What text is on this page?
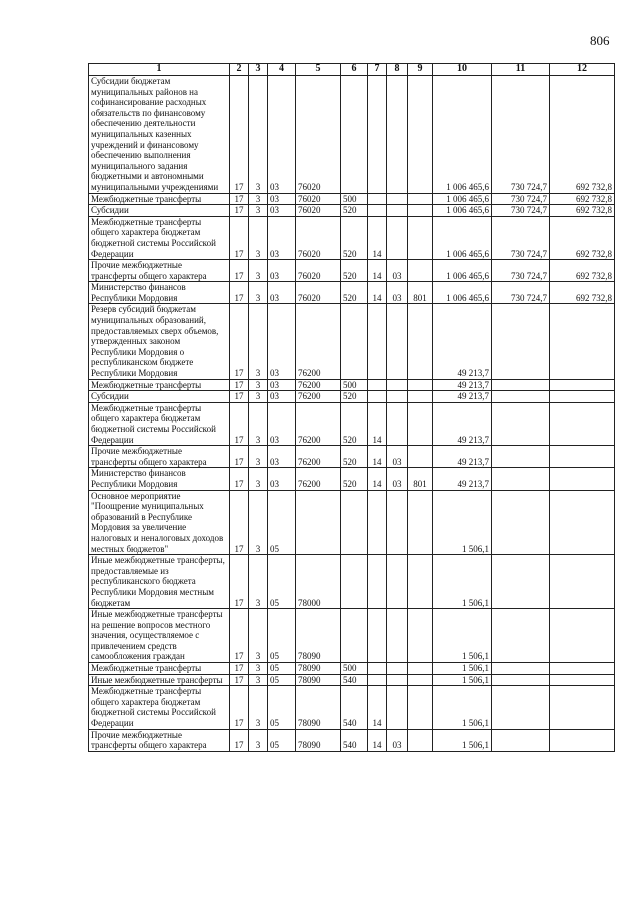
806
1	2	3	4	5	6	7	8	9	10	11	12
Субсидии бюджетам муниципальных районов на софинансирование расходных обязательств по финансовому обеспечению деятельности муниципальных казенных учреждений и финансовому обеспечению выполнения муниципального задания бюджетными и автономными муниципальными учреждениями	17	3	03	76020					1 006 465,6	730 724,7	692 732,8
Межбюджетные трансферты	17	3	03	76020	500				1 006 465,6	730 724,7	692 732,8
Субсидии	17	3	03	76020	520				1 006 465,6	730 724,7	692 732,8
Межбюджетные трансферты общего характера бюджетам бюджетной системы Российской Федерации	17	3	03	76020	520	14			1 006 465,6	730 724,7	692 732,8
Прочие межбюджетные трансферты общего характера	17	3	03	76020	520	14	03		1 006 465,6	730 724,7	692 732,8
Министерство финансов Республики Мордовия	17	3	03	76020	520	14	03	801	1 006 465,6	730 724,7	692 732,8
Резерв субсидий бюджетам муниципальных образований, предоставляемых сверх объемов, утвержденных законом Республики Мордовия о республиканском бюджете Республики Мордовия	17	3	03	76200					49 213,7		
Межбюджетные трансферты	17	3	03	76200	500				49 213,7		
Субсидии	17	3	03	76200	520				49 213,7		
Межбюджетные трансферты общего характера бюджетам бюджетной системы Российской Федерации	17	3	03	76200	520	14			49 213,7		
Прочие межбюджетные трансферты общего характера	17	3	03	76200	520	14	03		49 213,7		
Министерство финансов Республики Мордовия	17	3	03	76200	520	14	03	801	49 213,7		
Основное мероприятие "Поощрение муниципальных образований в Республике Мордовия за увеличение налоговых и неналоговых доходов местных бюджетов"	17	3	05						1 506,1		
Иные межбюджетные трансферты, предоставляемые из республиканского бюджета Республики Мордовия местным бюджетам	17	3	05	78000					1 506,1		
Иные межбюджетные трансферты на решение вопросов местного значения, осуществляемое с привлечением средств самообложения граждан	17	3	05	78090					1 506,1		
Межбюджетные трансферты	17	3	05	78090	500				1 506,1		
Иные межбюджетные трансферты	17	3	05	78090	540				1 506,1		
Межбюджетные трансферты общего характера бюджетам бюджетной системы Российской Федерации	17	3	05	78090	540	14			1 506,1		
Прочие межбюджетные трансферты общего характера	17	3	05	78090	540	14	03		1 506,1		
